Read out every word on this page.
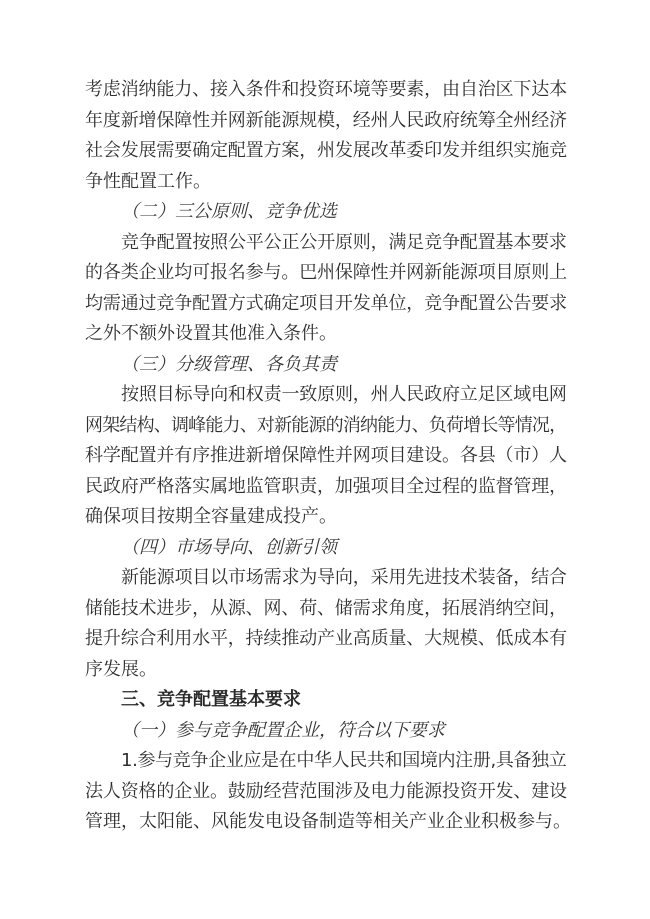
考虑消纳能力、接入条件和投资环境等要素，由自治区下达本
年度新增保障性并网新能源规模，经州人民政府统筹全州经济
社会发展需要确定配置方案，州发展改革委印发并组织实施竞
争性配置工作。
（二）三公原则、竞争优选
竞争配置按照公平公正公开原则，满足竞争配置基本要求
的各类企业均可报名参与。巴州保障性并网新能源项目原则上
均需通过竞争配置方式确定项目开发单位，竞争配置公告要求
之外不额外设置其他准入条件。
（三）分级管理、各负其责
按照目标导向和权责一致原则，州人民政府立足区域电网
网架结构、调峰能力、对新能源的消纳能力、负荷增长等情况，
科学配置并有序推进新增保障性并网项目建设。各县（市）人
民政府严格落实属地监管职责，加强项目全过程的监督管理，
确保项目按期全容量建成投产。
（四）市场导向、创新引领
新能源项目以市场需求为导向，采用先进技术装备，结合
储能技术进步，从源、网、荷、储需求角度，拓展消纳空间，
提升综合利用水平，持续推动产业高质量、大规模、低成本有
序发展。
三、竞争配置基本要求
（一）参与竞争配置企业，符合以下要求
1.参与竞争企业应是在中华人民共和国境内注册,具备独立
法人资格的企业。鼓励经营范围涉及电力能源投资开发、建设
管理，太阳能、风能发电设备制造等相关产业企业积极参与。
